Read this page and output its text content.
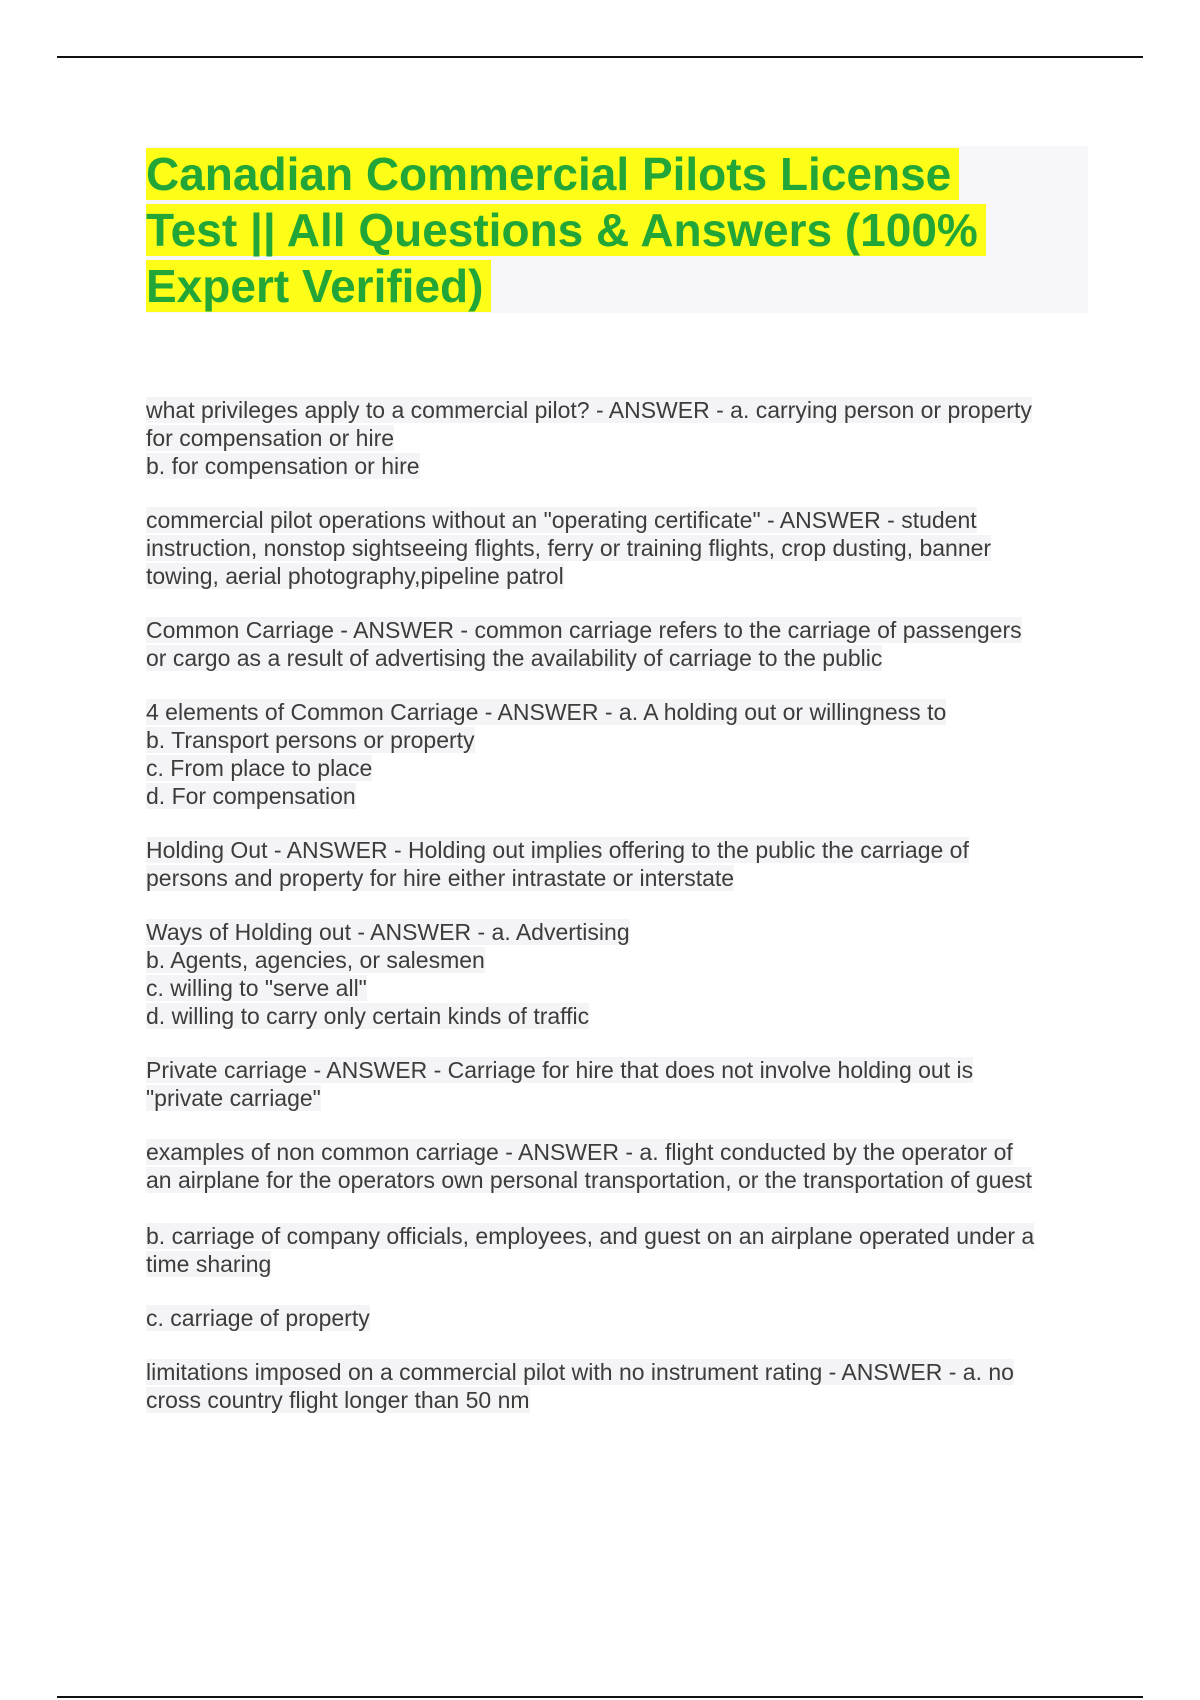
Canadian Commercial Pilots License
Test || All Questions & Answers (100%
Expert Verified)

what privileges apply to a commercial pilot? - ANSWER - a. carrying person or property
for compensation or hire
b. for compensation or hire

commercial pilot operations without an "operating certificate" - ANSWER - student
instruction, nonstop sightseeing flights, ferry or training flights, crop dusting, banner
towing, aerial photography,pipeline patrol

Common Carriage - ANSWER - common carriage refers to the carriage of passengers
or cargo as a result of advertising the availability of carriage to the public

4 elements of Common Carriage - ANSWER - a. A holding out or willingness to
b. Transport persons or property
c. From place to place
d. For compensation

Holding Out - ANSWER - Holding out implies offering to the public the carriage of
persons and property for hire either intrastate or interstate

Ways of Holding out - ANSWER - a. Advertising
b. Agents, agencies, or salesmen
c. willing to "serve all"
d. willing to carry only certain kinds of traffic

Private carriage - ANSWER - Carriage for hire that does not involve holding out is
"private carriage"

examples of non common carriage - ANSWER - a. flight conducted by the operator of
an airplane for the operators own personal transportation, or the transportation of guest

b. carriage of company officials, employees, and guest on an airplane operated under a
time sharing

c. carriage of property

limitations imposed on a commercial pilot with no instrument rating - ANSWER - a. no
cross country flight longer than 50 nm
